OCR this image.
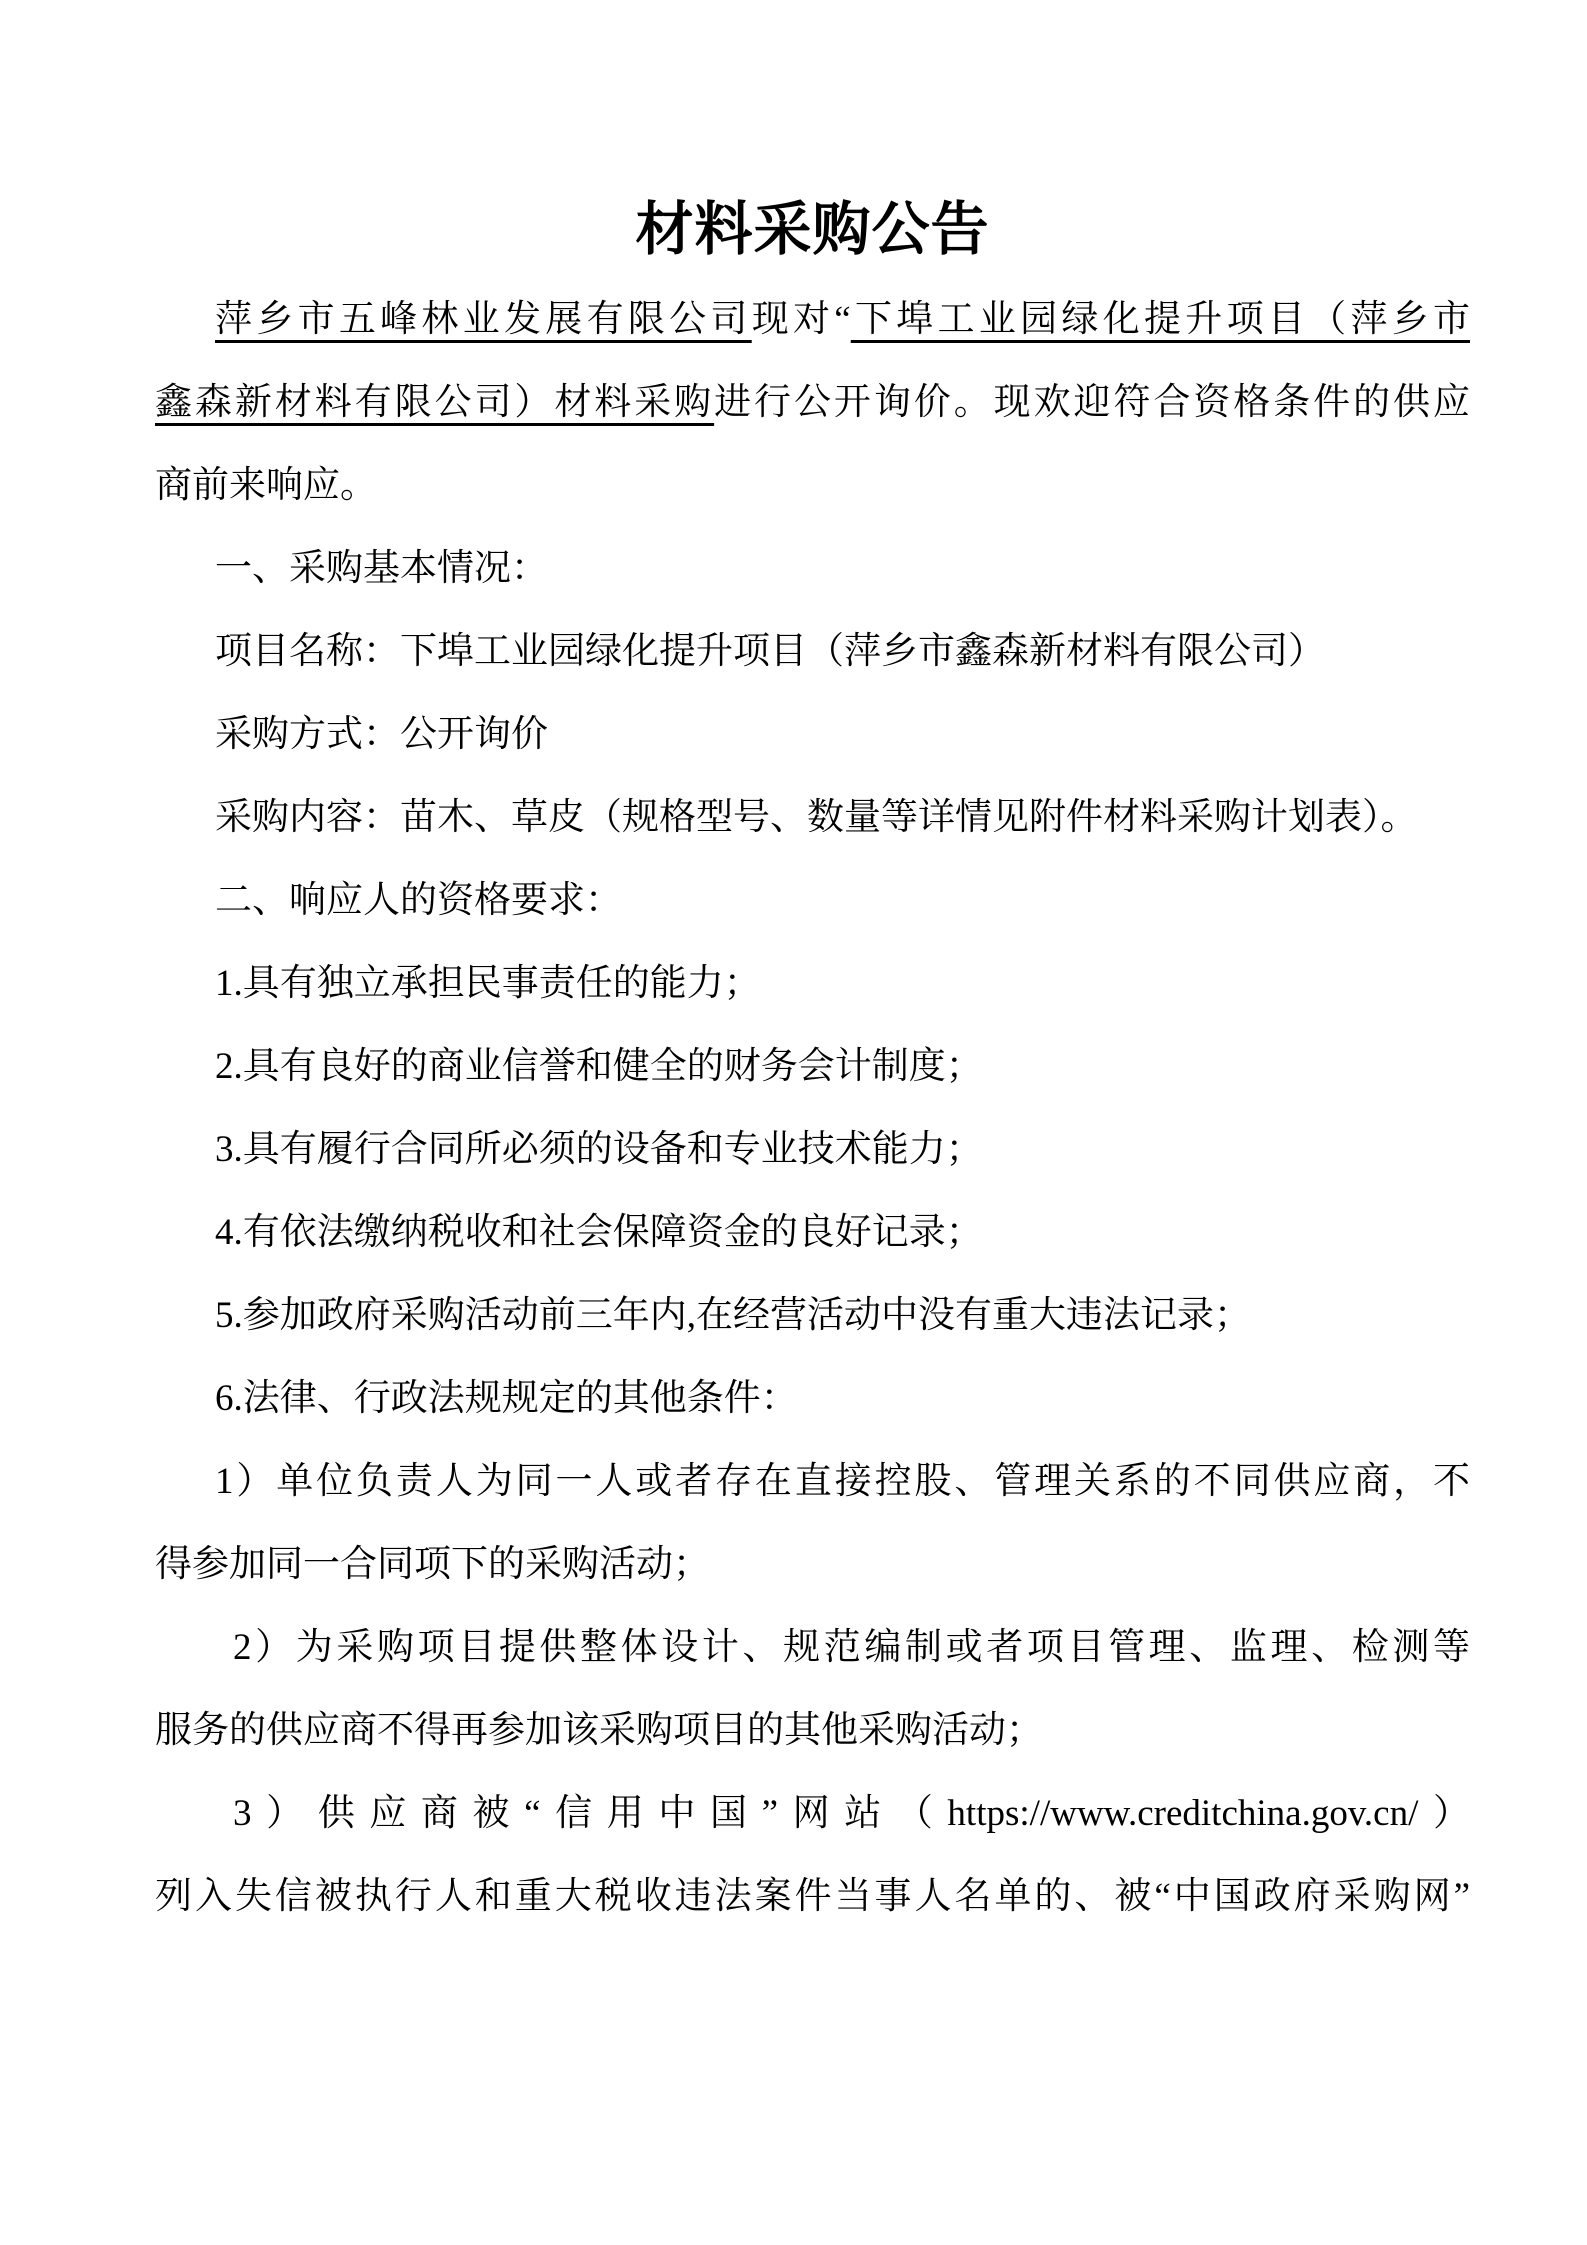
材料采购公告
萍乡市五峰林业发展有限公司现对“下埠工业园绿化提升项目（萍乡市
鑫森新材料有限公司）材料采购进行公开询价。现欢迎符合资格条件的供应
商前来响应。
一、采购基本情况：
项目名称：下埠工业园绿化提升项目（萍乡市鑫森新材料有限公司）
采购方式：公开询价
采购内容：苗木、草皮（规格型号、数量等详情见附件材料采购计划表）。
二、响应人的资格要求：
1.具有独立承担民事责任的能力；
2.具有良好的商业信誉和健全的财务会计制度；
3.具有履行合同所必须的设备和专业技术能力；
4.有依法缴纳税收和社会保障资金的良好记录；
5.参加政府采购活动前三年内,在经营活动中没有重大违法记录；
6.法律、行政法规规定的其他条件：
1）单位负责人为同一人或者存在直接控股、管理关系的不同供应商，不
得参加同一合同项下的采购活动；
2）为采购项目提供整体设计、规范编制或者项目管理、监理、检测等
服务的供应商不得再参加该采购项目的其他采购活动；
3）供应商被“信用中国”网站（https://www.creditchina.gov.cn/）
列入失信被执行人和重大税收违法案件当事人名单的、被“中国政府采购网”
